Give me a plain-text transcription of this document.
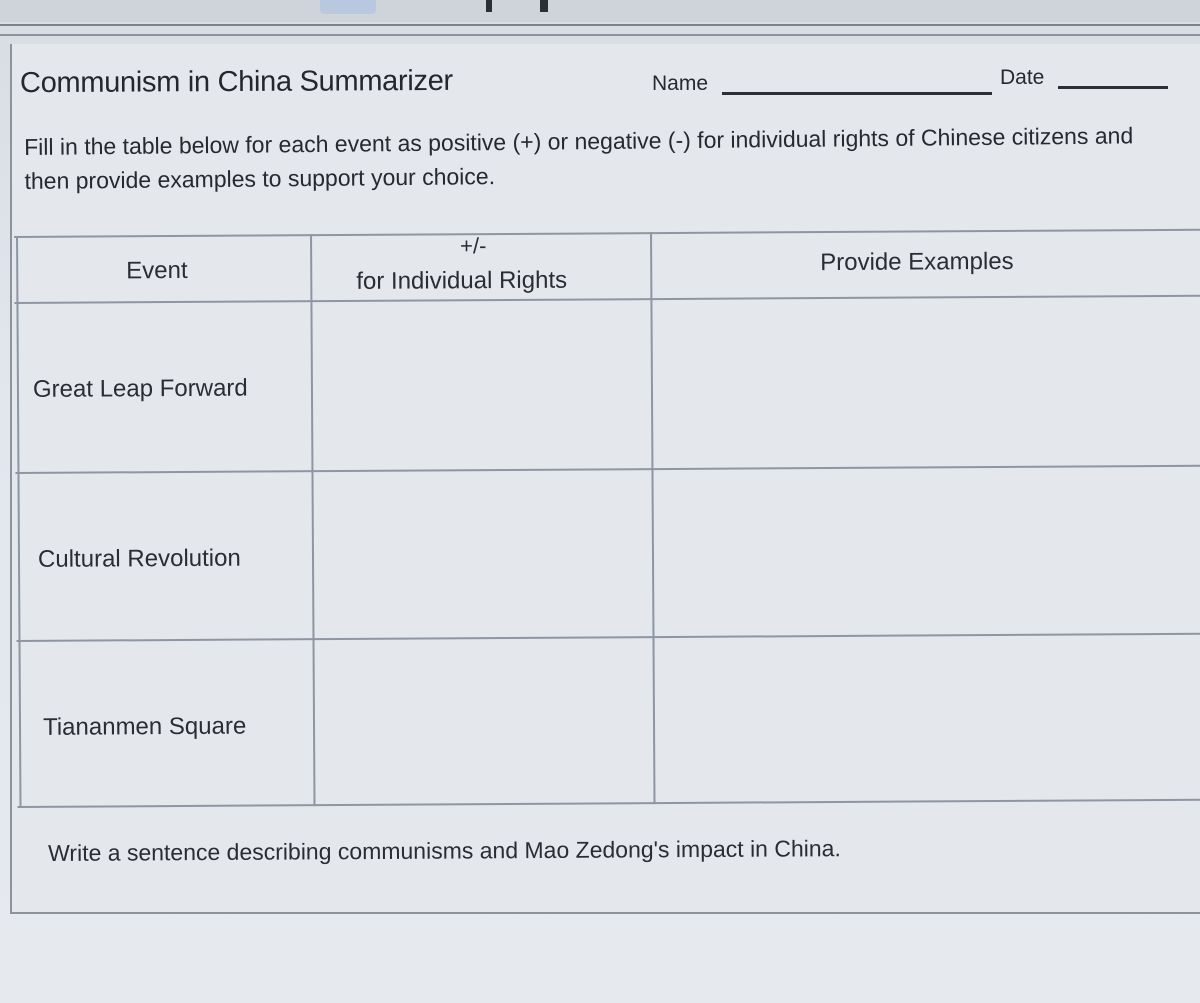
Communism in China Summarizer	Name	Date
Fill in the table below for each event as positive (+) or negative (-) for individual rights of Chinese citizens and then provide examples to support your choice.
Event
+/-
for Individual Rights
Provide Examples
Great Leap Forward
Cultural Revolution
Tiananmen Square
Write a sentence describing communisms and Mao Zedong's impact in China.
